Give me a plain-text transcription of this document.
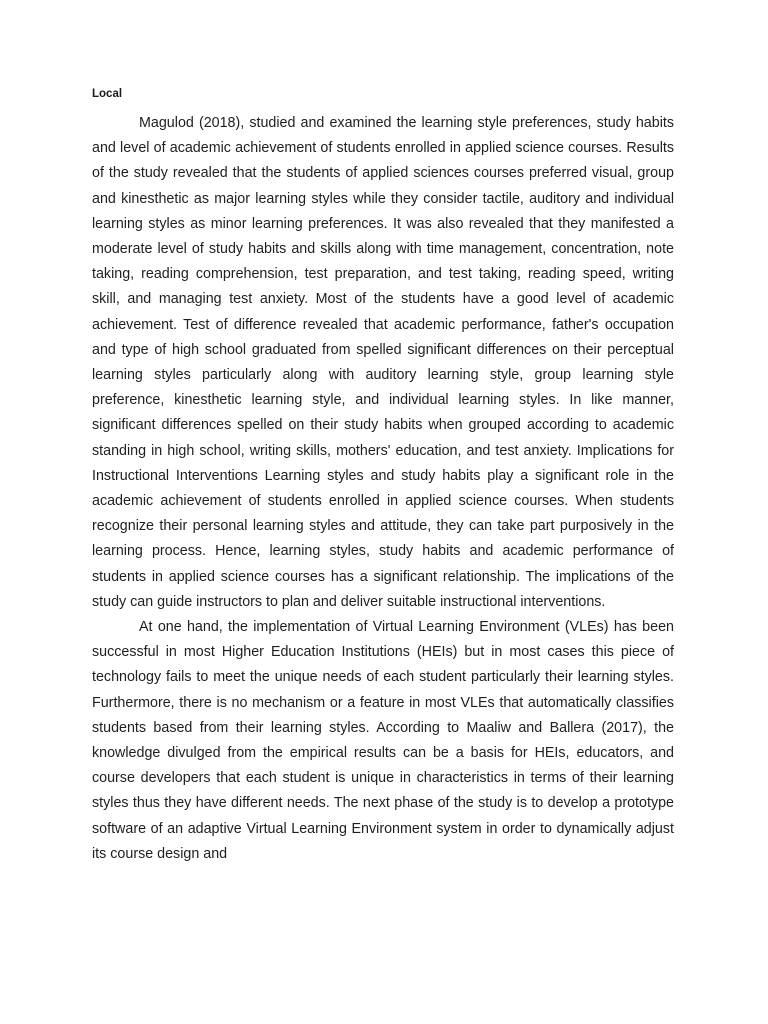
Local

Magulod (2018), studied and examined the learning style preferences, study habits and level of academic achievement of students enrolled in applied science courses. Results of the study revealed that the students of applied sciences courses preferred visual, group and kinesthetic as major learning styles while they consider tactile, auditory and individual learning styles as minor learning preferences. It was also revealed that they manifested a moderate level of study habits and skills along with time management, concentration, note taking, reading comprehension, test preparation, and test taking, reading speed, writing skill, and managing test anxiety. Most of the students have a good level of academic achievement. Test of difference revealed that academic performance, father's occupation and type of high school graduated from spelled significant differences on their perceptual learning styles particularly along with auditory learning style, group learning style preference, kinesthetic learning style, and individual learning styles. In like manner, significant differences spelled on their study habits when grouped according to academic standing in high school, writing skills, mothers' education, and test anxiety. Implications for Instructional Interventions Learning styles and study habits play a significant role in the academic achievement of students enrolled in applied science courses. When students recognize their personal learning styles and attitude, they can take part purposively in the learning process. Hence, learning styles, study habits and academic performance of students in applied science courses has a significant relationship. The implications of the study can guide instructors to plan and deliver suitable instructional interventions.

At one hand, the implementation of Virtual Learning Environment (VLEs) has been successful in most Higher Education Institutions (HEIs) but in most cases this piece of technology fails to meet the unique needs of each student particularly their learning styles. Furthermore, there is no mechanism or a feature in most VLEs that automatically classifies students based from their learning styles. According to Maaliw and Ballera (2017), the knowledge divulged from the empirical results can be a basis for HEIs, educators, and course developers that each student is unique in characteristics in terms of their learning styles thus they have different needs. The next phase of the study is to develop a prototype software of an adaptive Virtual Learning Environment system in order to dynamically adjust its course design and
